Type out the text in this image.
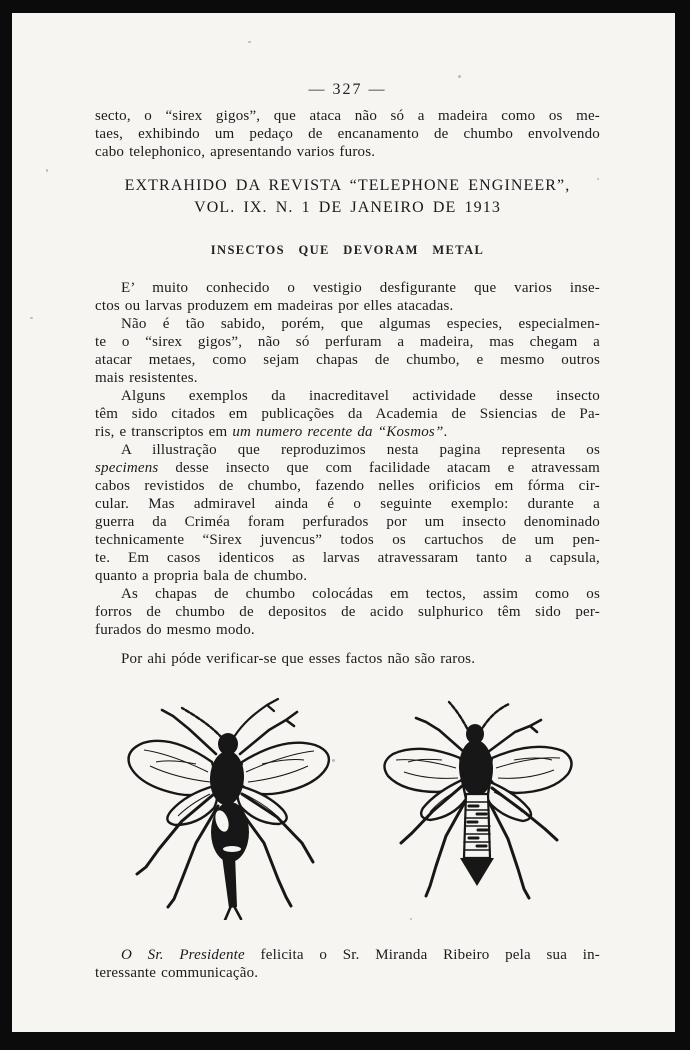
— 327 —
secto, o “sirex gigos”, que ataca não só a madeira como os me-
taes, exhibindo um pedaço de encanamento de chumbo envolvendo
cabo telephonico, apresentando varios furos.
EXTRAHIDO DA REVISTA “TELEPHONE ENGINEER”,
VOL. IX. N. 1 DE JANEIRO DE 1913
INSECTOS QUE DEVORAM METAL
E’ muito conhecido o vestigio desfigurante que varios inse-
ctos ou larvas produzem em madeiras por elles atacadas.
Não é tão sabido, porém, que algumas especies, especialmen-
te o “sirex gigos”, não só perfuram a madeira, mas chegam a
atacar metaes, como sejam chapas de chumbo, e mesmo outros
mais resistentes.
Alguns exemplos da inacreditavel actividade desse insecto
têm sido citados em publicações da Academia de Ssiencias de Pa-
ris, e transcriptos em um numero recente da “Kosmos”.
A illustração que reproduzimos nesta pagina representa os
specimens desse insecto que com facilidade atacam e atravessam
cabos revistidos de chumbo, fazendo nelles orificios em fórma cir-
cular. Mas admiravel ainda é o seguinte exemplo: durante a
guerra da Criméa foram perfurados por um insecto denominado
technicamente “Sirex juvencus” todos os cartuchos de um pen-
te. Em casos identicos as larvas atravessaram tanto a capsula,
quanto a propria bala de chumbo.
As chapas de chumbo colocádas em tectos, assim como os
forros de chumbo de depositos de acido sulphurico têm sido per-
furados do mesmo modo.
Por ahi póde verificar-se que esses factos não são raros.
O Sr. Presidente felicita o Sr. Miranda Ribeiro pela sua in-
teressante communicação.
